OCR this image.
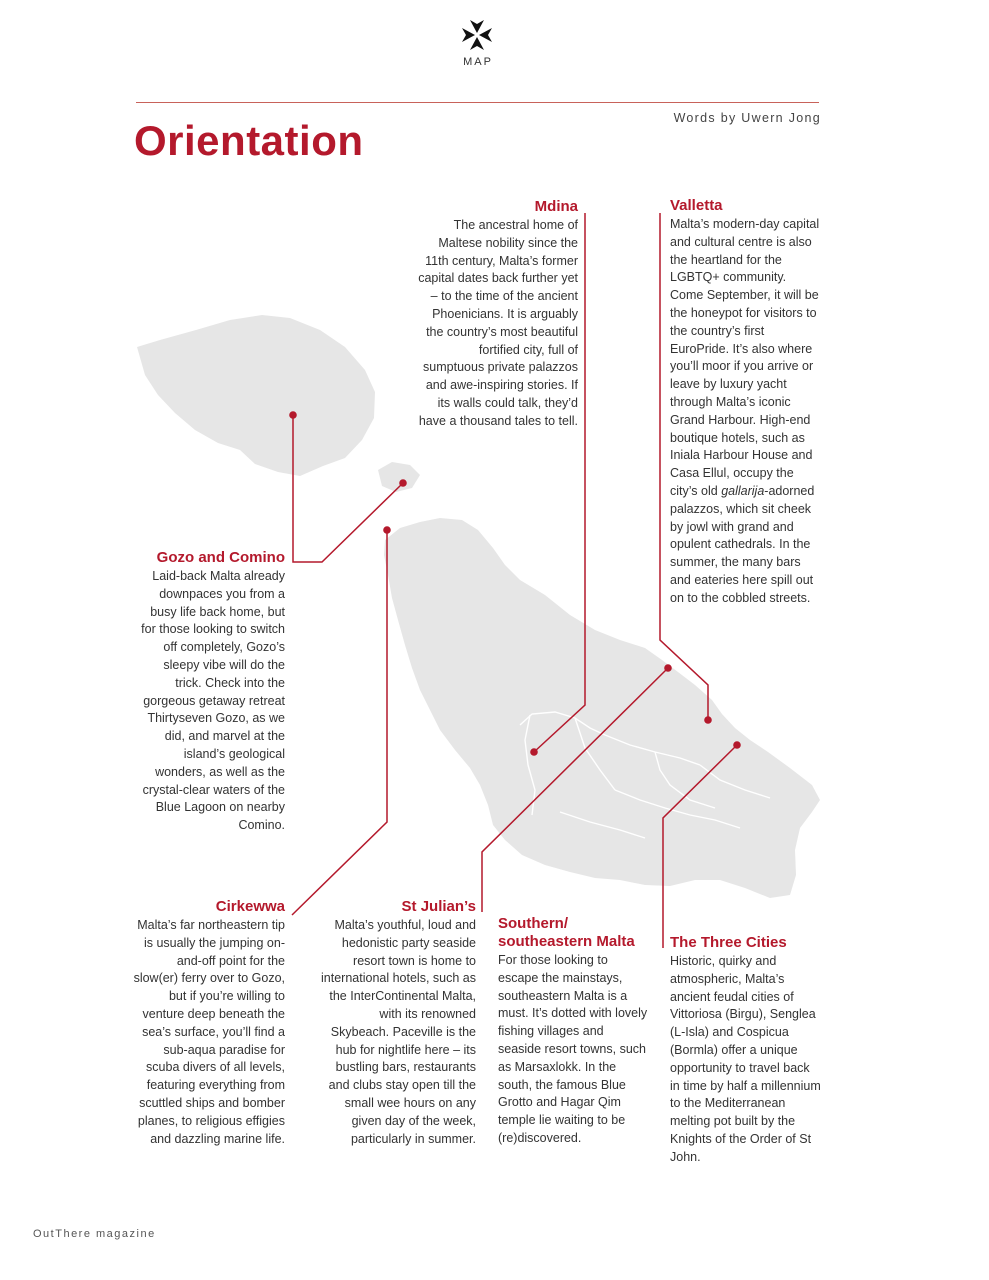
MAP
Words by Uwern Jong
Orientation
Mdina

The ancestral home of Maltese nobility since the 11th century, Malta’s former capital dates back further yet – to the time of the ancient Phoenicians. It is arguably the country’s most beautiful fortified city, full of sumptuous private palazzos and awe-inspiring stories. If its walls could talk, they’d have a thousand tales to tell.

Valletta

Malta’s modern-day capital and cultural centre is also the heartland for the LGBTQ+ community. Come September, it will be the honeypot for visitors to the country’s first EuroPride. It’s also where you’ll moor if you arrive or leave by luxury yacht through Malta’s iconic Grand Harbour. High-end boutique hotels, such as Iniala Harbour House and Casa Ellul, occupy the city’s old gallarija-adorned palazzos, which sit cheek by jowl with grand and opulent cathedrals. In the summer, the many bars and eateries here spill out on to the cobbled streets.

Gozo and Comino

Laid-back Malta already downpaces you from a busy life back home, but for those looking to switch off completely, Gozo’s sleepy vibe will do the trick. Check into the gorgeous getaway retreat Thirtyseven Gozo, as we did, and marvel at the island’s geological wonders, as well as the crystal-clear waters of the Blue Lagoon on nearby Comino.

Cirkewwa

Malta’s far northeastern tip is usually the jumping on-and-off point for the slow(er) ferry over to Gozo, but if you’re willing to venture deep beneath the sea’s surface, you’ll find a sub-aqua paradise for scuba divers of all levels, featuring everything from scuttled ships and bomber planes, to religious effigies and dazzling marine life.

St Julian’s

Malta’s youthful, loud and hedonistic party seaside resort town is home to international hotels, such as the InterContinental Malta, with its renowned Skybeach. Paceville is the hub for nightlife here – its bustling bars, restaurants and clubs stay open till the small wee hours on any given day of the week, particularly in summer.

Southern/ southeastern Malta

For those looking to escape the mainstays, southeastern Malta is a must. It’s dotted with lovely fishing villages and seaside resort towns, such as Marsaxlokk. In the south, the famous Blue Grotto and Hagar Qim temple lie waiting to be (re)discovered.

The Three Cities

Historic, quirky and atmospheric, Malta’s ancient feudal cities of Vittoriosa (Birgu), Senglea (L-Isla) and Cospicua (Bormla) offer a unique opportunity to travel back in time by half a millennium to the Mediterranean melting pot built by the Knights of the Order of St John.

OutThere magazine
